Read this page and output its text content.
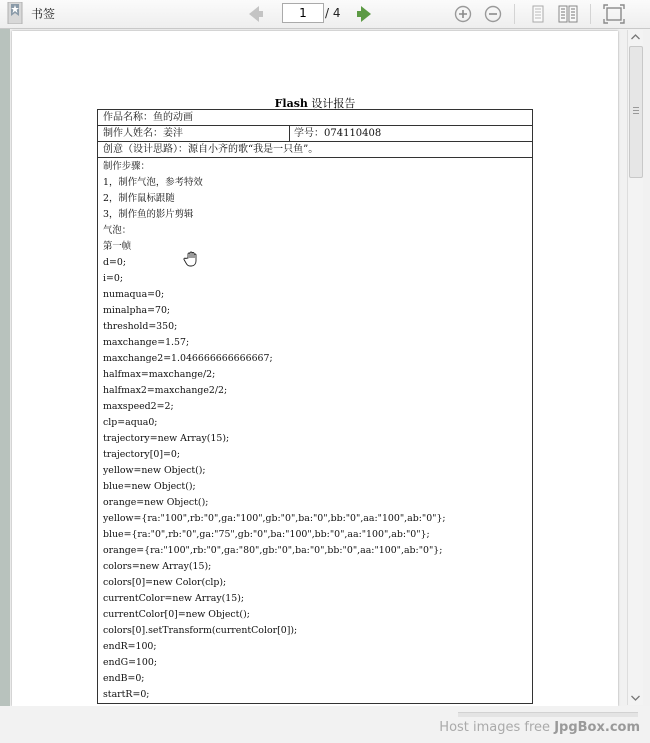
书签
1	/ 4
Flash 设计报告
作品名称：鱼的动画
制作人姓名：姜沣	学号：074110408
创意（设计思路）：源自小齐的歌“我是一只鱼”。
制作步骤：
1，制作气泡，参考特效
2，制作鼠标跟随
3，制作鱼的影片剪辑
气泡：
第一帧
d=0;
i=0;
numaqua=0;
minalpha=70;
threshold=350;
maxchange=1.57;
maxchange2=1.046666666666667;
halfmax=maxchange/2;
halfmax2=maxchange2/2;
maxspeed2=2;
clp=aqua0;
trajectory=new Array(15);
trajectory[0]=0;
yellow=new Object();
blue=new Object();
orange=new Object();
yellow={ra:"100",rb:"0",ga:"100",gb:"0",ba:"0",bb:"0",aa:"100",ab:"0"};
blue={ra:"0",rb:"0",ga:"75",gb:"0",ba:"100",bb:"0",aa:"100",ab:"0"};
orange={ra:"100",rb:"0",ga:"80",gb:"0",ba:"0",bb:"0",aa:"100",ab:"0"};
colors=new Array(15);
colors[0]=new Color(clp);
currentColor=new Array(15);
currentColor[0]=new Object();
colors[0].setTransform(currentColor[0]);
endR=100;
endG=100;
endB=0;
startR=0;
Host images free JpgBox.com
